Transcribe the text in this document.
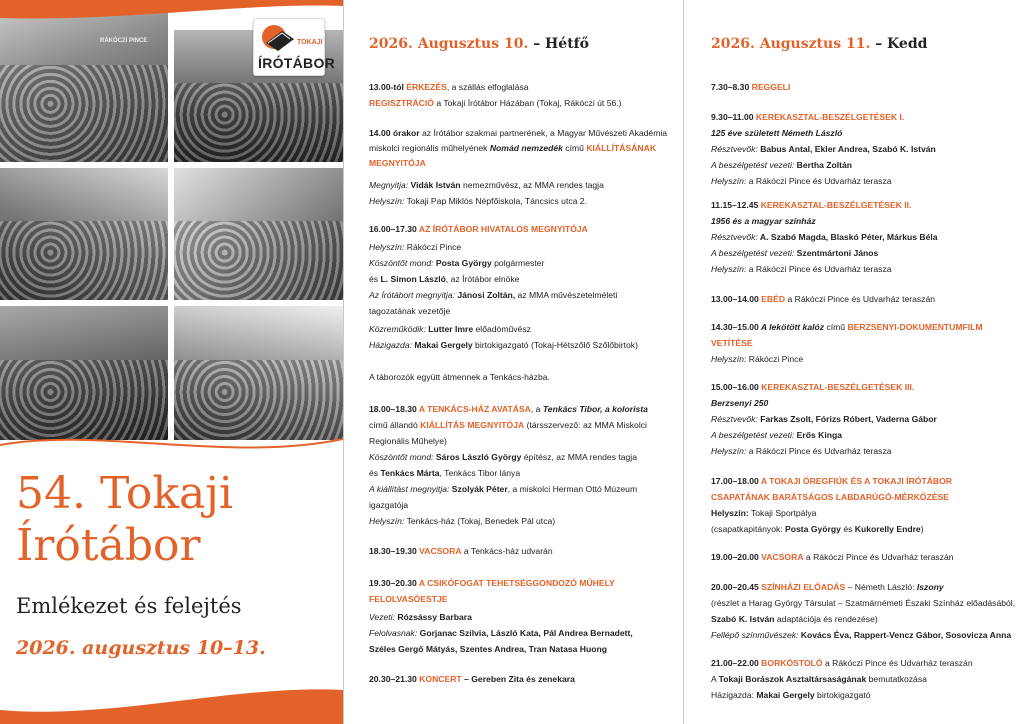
RÁKÓCZI PINCE	TOKAJI
ÍRÓTÁBOR
54. Tokaji
Írótábor
Emlékezet és felejtés
2026. augusztus 10–13.
2026. Augusztus 10. – Hétfő
13.00-tól ÉRKEZÉS, a szállás elfoglalása
REGISZTRÁCIÓ a Tokaji Írótábor Házában (Tokaj, Rákóczi út 56.)
14.00 órakor az Írótábor szakmai partnerének, a Magyar Művészeti Akadémia
miskolci regionális műhelyének Nomád nemzedék című KIÁLLÍTÁSÁNAK
MEGNYITÓJA
Megnyitja: Vidák István nemezművész, az MMA rendes tagja
Helyszín: Tokaji Pap Miklós Népfőiskola, Táncsics utca 2.
16.00–17.30 AZ ÍRÓTÁBOR HIVATALOS MEGNYITÓJA
Helyszín: Rákóczi Pince
Köszöntőt mond: Posta György polgármester
és L. Simon László, az Írótábor elnöke
Az Írótábort megnyitja: Jánosi Zoltán, az MMA művészetelméleti
tagozatának vezetője
Közreműködik: Lutter Imre előadóművész
Házigazda: Makai Gergely birtokigazgató (Tokaj-Hétszőlő Szőlőbirtok)
A táborozók együtt átmennek a Tenkács-házba.
18.00–18.30 A TENKÁCS-HÁZ AVATÁSA, a Tenkács Tibor, a kolorista
című állandó KIÁLLÍTÁS MEGNYITÓJA (társszervező: az MMA Miskolci
Regionális Műhelye)
Köszöntőt mond: Sáros László György építész, az MMA rendes tagja
és Tenkács Márta, Tenkács Tibor lánya
A kiállítást megnyitja: Szolyák Péter, a miskolci Herman Ottó Múzeum
igazgatója
Helyszín: Tenkács-ház (Tokaj, Benedek Pál utca)
18.30–19.30 VACSORA a Tenkács-ház udvarán
19.30–20.30 A CSIKÓFOGAT TEHETSÉGGONDOZÓ MŰHELY
FELOLVASÓESTJE
Vezeti: Rózsássy Barbara
Felolvasnak: Gorjanac Szilvia, László Kata, Pál Andrea Bernadett,
Széles Gergő Mátyás, Szentes Andrea, Tran Natasa Huong
20.30–21.30 KONCERT – Gereben Zita és zenekara
2026. Augusztus 11. – Kedd
7.30–8.30 REGGELI
9.30–11.00 KEREKASZTAL-BESZÉLGETÉSEK I.
125 éve született Németh László
Résztvevők: Babus Antal, Ekler Andrea, Szabó K. István
A beszélgetést vezeti: Bertha Zoltán
Helyszín: a Rákóczi Pince és Udvarház terasza
11.15–12.45 KEREKASZTAL-BESZÉLGETÉSEK II.
1956 és a magyar színház
Résztvevők: A. Szabó Magda, Blaskó Péter, Márkus Béla
A beszélgetést vezeti: Szentmártoni János
Helyszín: a Rákóczi Pince és Udvarház terasza
13.00–14.00 EBÉD a Rákóczi Pince és Udvarház teraszán
14.30–15.00 A lekötött kalóz című BERZSENYI-DOKUMENTUMFILM
VETÍTÉSE
Helyszín: Rákóczi Pince
15.00–16.00 KEREKASZTAL-BESZÉLGETÉSEK III.
Berzsenyi 250
Résztvevők: Farkas Zsolt, Fórizs Róbert, Vaderna Gábor
A beszélgetést vezeti: Erős Kinga
Helyszín: a Rákóczi Pince és Udvarház terasza
17.00–18.00 A TOKAJI ÖREGFIÚK ÉS A TOKAJI ÍRÓTÁBOR
CSAPATÁNAK BARÁTSÁGOS LABDARÚGÓ-MÉRKŐZÉSE
Helyszín: Tokaji Sportpálya
(csapatkapitányok: Posta György és Kukorelly Endre)
19.00–20.00 VACSORA a Rákóczi Pince és Udvarház teraszán
20.00–20.45 SZÍNHÁZI ELŐADÁS – Németh László: Iszony
(részlet a Harag György Társulat – Szatmárnémeti Északi Színház előadásából,
Szabó K. István adaptációja és rendezése)
Fellépő színművészek: Kovács Éva, Rappert-Vencz Gábor, Sosovicza Anna
21.00–22.00 BORKÓSTOLÓ a Rákóczi Pince és Udvarház teraszán
A Tokaji Borászok Asztaltársaságának bemutatkozása
Házigazda: Makai Gergely birtokigazgató
